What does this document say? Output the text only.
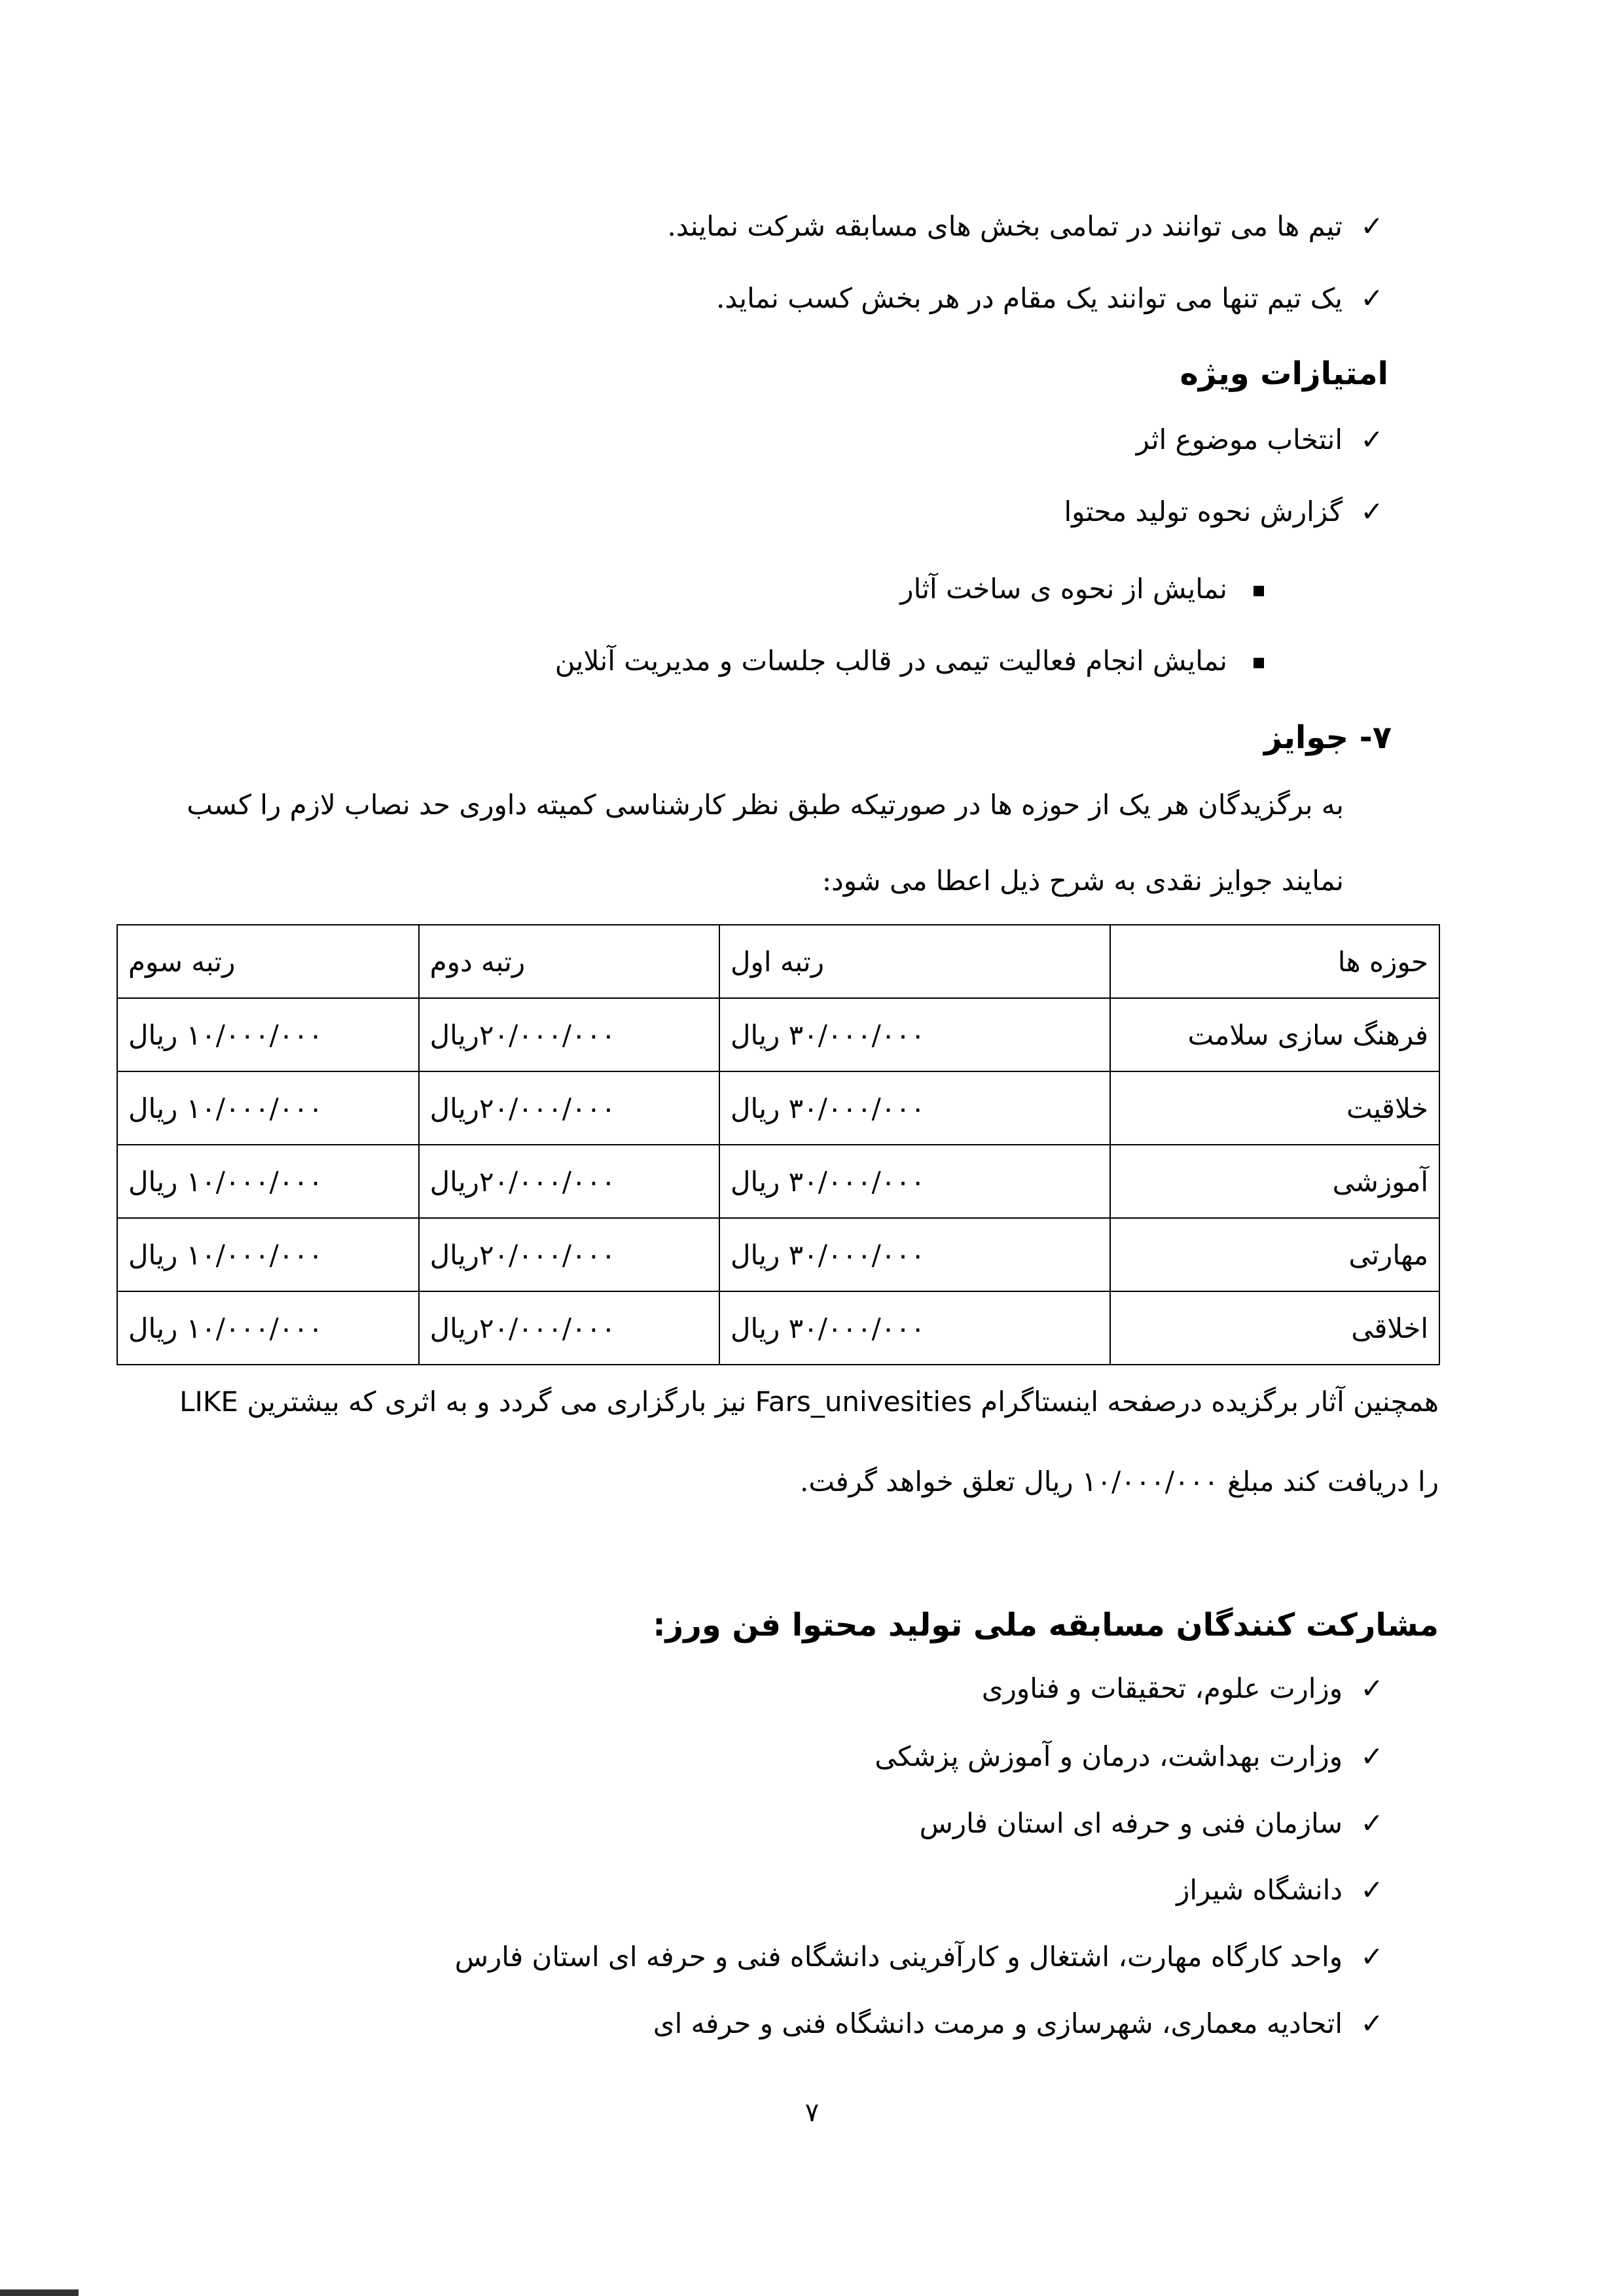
✓تیم ها می توانند در تمامی بخش های مسابقه شرکت نمایند.
✓یک تیم تنها می توانند یک مقام در هر بخش کسب نماید.
امتیازات ویژه
✓انتخاب موضوع اثر
✓گزارش نحوه تولید محتوا
نمایش از نحوه ی ساخت آثار
نمایش انجام فعالیت تیمی در قالب جلسات و مدیریت آنلاین
۷- جوایز
به برگزیدگان هر یک از حوزه ها در صورتیکه طبق نظر کارشناسی کمیته داوری حد نصاب لازم را کسب
نمایند جوایز نقدی به شرح ذیل اعطا می شود:
حوزه ها	رتبه اول	رتبه دوم	رتبه سوم
فرهنگ سازی سلامت	۳۰/۰۰۰/۰۰۰ ریال	۲۰/۰۰۰/۰۰۰ریال	۱۰/۰۰۰/۰۰۰ ریال
خلاقیت	۳۰/۰۰۰/۰۰۰ ریال	۲۰/۰۰۰/۰۰۰ریال	۱۰/۰۰۰/۰۰۰ ریال
آموزشی	۳۰/۰۰۰/۰۰۰ ریال	۲۰/۰۰۰/۰۰۰ریال	۱۰/۰۰۰/۰۰۰ ریال
مهارتی	۳۰/۰۰۰/۰۰۰ ریال	۲۰/۰۰۰/۰۰۰ریال	۱۰/۰۰۰/۰۰۰ ریال
اخلاقی	۳۰/۰۰۰/۰۰۰ ریال	۲۰/۰۰۰/۰۰۰ریال	۱۰/۰۰۰/۰۰۰ ریال
همچنین آثار برگزیده درصفحه اینستاگرام Fars_univesities نیز بارگزاری می گردد و به اثری که بیشترین LIKE
را دریافت کند مبلغ ۱۰/۰۰۰/۰۰۰ ریال تعلق خواهد گرفت.
مشارکت کنندگان مسابقه ملی تولید محتوا فن ورز:
✓وزارت علوم، تحقیقات و فناوری
✓وزارت بهداشت، درمان و آموزش پزشکی
✓سازمان فنی و حرفه ای استان فارس
✓دانشگاه شیراز
✓واحد کارگاه مهارت، اشتغال و کارآفرینی دانشگاه فنی و حرفه ای استان فارس
✓اتحادیه معماری، شهرسازی و مرمت دانشگاه فنی و حرفه ای
۷
